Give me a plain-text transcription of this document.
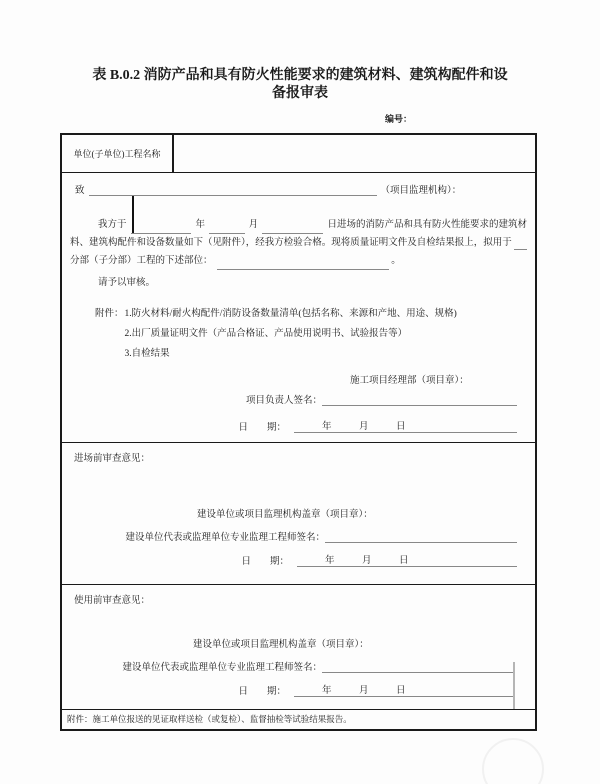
表 B.0.2 消防产品和具有防火性能要求的建筑材料、建筑构配件和设
备报审表
编号：
单位(子单位)工程名称
致	（项目监理机构）：
我方于	年	月	日进场的消防产品和具有防火性能要求的建筑材
料、建筑构配件和设备数量如下（见附件），经我方检验合格。现将质量证明文件及自检结果报上，拟用于
分部（子分部）工程的下述部位：	。
请予以审核。
附件： 1.防火材料/耐火构配件/消防设备数量清单(包括名称、来源和产地、用途、规格)
2.出厂质量证明文件（产品合格证、产品使用说明书、试验报告等）
3.自检结果
施工项目经理部（项目章）：
项目负责人签名：
日　　期：	年　月　日
进场前审查意见：
建设单位或项目监理机构盖章（项目章）：
建设单位代表或监理单位专业监理工程师签名：
日　　期：	年　月　日
使用前审查意见：
建设单位或项目监理机构盖章（项目章）：
建设单位代表或监理单位专业监理工程师签名：
日　　期：	年　月　日
附件：施工单位报送的见证取样送检（或复检）、监督抽检等试验结果报告。
